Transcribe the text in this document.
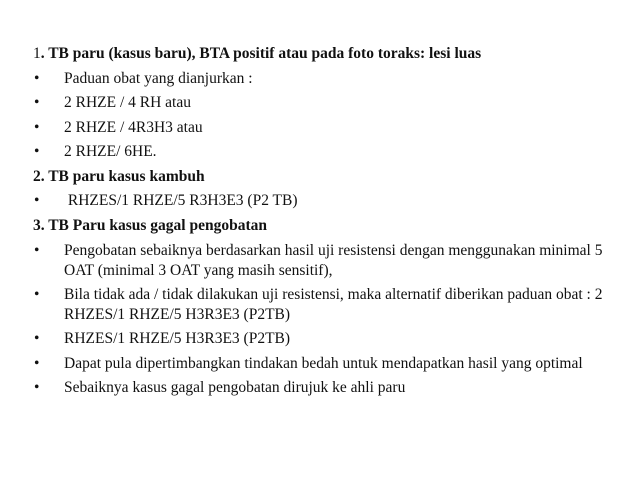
1. TB paru (kasus baru), BTA positif atau pada foto toraks: lesi luas
•	Paduan obat yang dianjurkan :
•	2 RHZE / 4 RH atau
•	2 RHZE / 4R3H3 atau
•	2 RHZE/ 6HE.
2. TB paru kasus kambuh
•	RHZES/1 RHZE/5 R3H3E3 (P2 TB)
3. TB Paru kasus gagal pengobatan
•	Pengobatan sebaiknya berdasarkan hasil uji resistensi dengan menggunakan minimal 5 OAT (minimal 3 OAT yang masih sensitif),
•	Bila tidak ada / tidak dilakukan uji resistensi, maka alternatif diberikan paduan obat : 2 RHZES/1 RHZE/5 H3R3E3 (P2TB)
•	RHZES/1 RHZE/5 H3R3E3 (P2TB)
•	Dapat pula dipertimbangkan tindakan bedah untuk mendapatkan hasil yang optimal
•	Sebaiknya kasus gagal pengobatan dirujuk ke ahli paru
